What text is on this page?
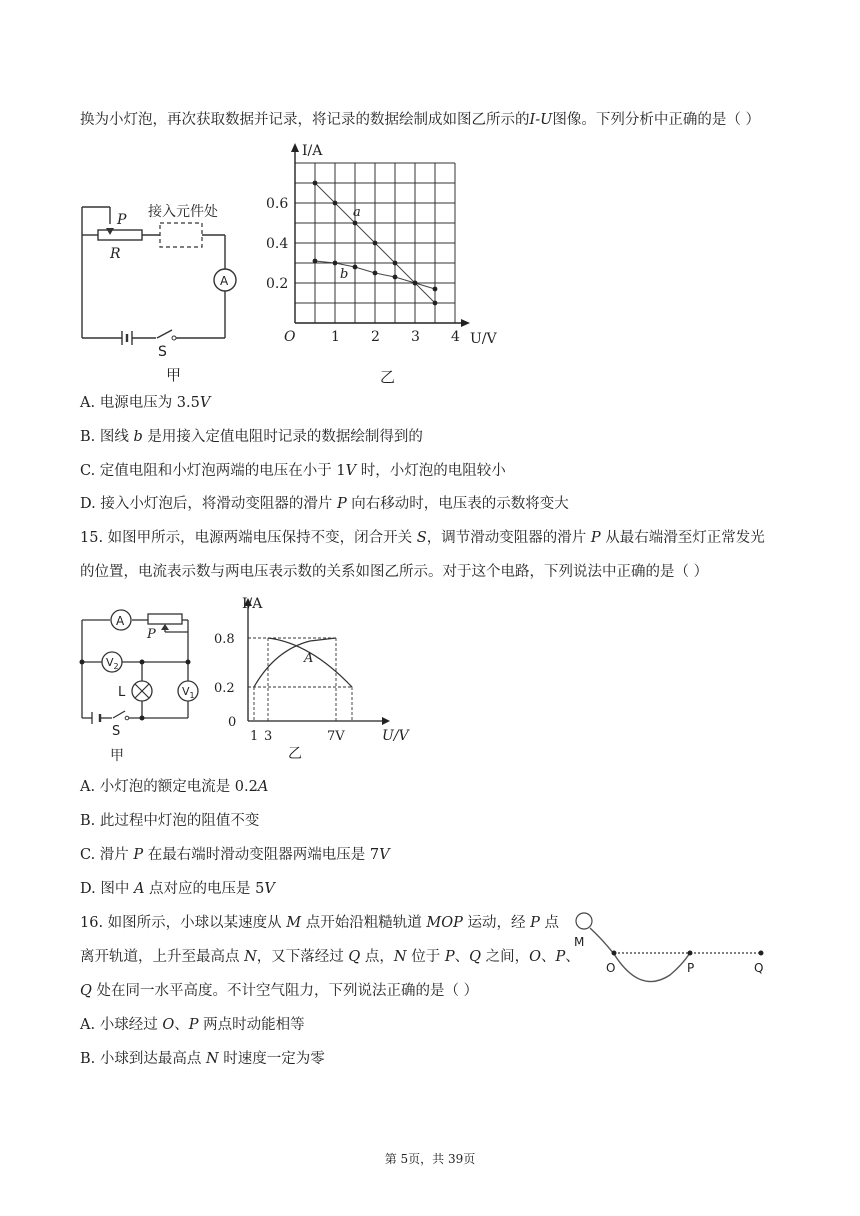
换为小灯泡，再次获取数据并记录，将记录的数据绘制成如图乙所示的I-U图像。下列分析中正确的是（ ）
P
R
接入元件处
A
S
甲
I/A
U/V
O
a
b
1 2 3 4
0.2
0.4
0.6
乙
A. 电源电压为 3.5V
B. 图线 b 是用接入定值电阻时记录的数据绘制得到的
C. 定值电阻和小灯泡两端的电压在小于 1V 时，小灯泡的电阻较小
D. 接入小灯泡后，将滑动变阻器的滑片 P 向右移动时，电压表的示数将变大
15. 如图甲所示，电源两端电压保持不变，闭合开关 S，调节滑动变阻器的滑片 P 从最右端滑至灯正常发光
的位置，电流表示数与两电压表示数的关系如图乙所示。对于这个电路，下列说法中正确的是（ ）
A
P
$V_2$
$V_1$
L
S
甲
I/A
U/V
A
0.8
0.2
0
1 3	7V
乙
A. 小灯泡的额定电流是 0.2A
B. 此过程中灯泡的阻值不变
C. 滑片 P 在最右端时滑动变阻器两端电压是 7V
D. 图中 A 点对应的电压是 5V
16. 如图所示，小球以某速度从 M 点开始沿粗糙轨道 MOP 运动，经 P 点
离开轨道，上升至最高点 N，又下落经过 Q 点，N 位于 P、Q 之间，O、P、
Q 处在同一水平高度。不计空气阻力，下列说法正确的是（ ）
M
O	P	Q
A. 小球经过 O、P 两点时动能相等
B. 小球到达最高点 N 时速度一定为零
第 5页，共 39页
